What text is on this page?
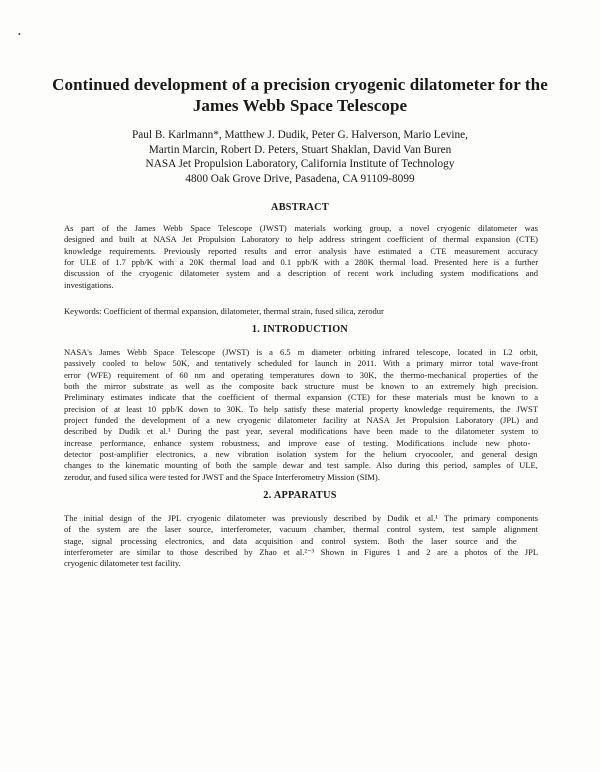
•
Continued development of a precision cryogenic dilatometer for the
James Webb Space Telescope
Paul B. Karlmann*, Matthew J. Dudik, Peter G. Halverson, Mario Levine,
Martin Marcin, Robert D. Peters, Stuart Shaklan, David Van Buren
NASA Jet Propulsion Laboratory, California Institute of Technology
4800 Oak Grove Drive, Pasadena, CA 91109-8099
ABSTRACT

As part of the James Webb Space Telescope (JWST) materials working group, a novel cryogenic dilatometer was
designed and built at NASA Jet Propulsion Laboratory to help address stringent coefficient of thermal expansion (CTE)
knowledge requirements. Previously reported results and error analysis have estimated a CTE measurement accuracy
for ULE of 1.7 ppb/K with a 20K thermal load and 0.1 ppb/K with a 280K thermal load. Presented here is a further
discussion of the cryogenic dilatometer system and a description of recent work including system modifications and
investigations.

Keywords: Coefficient of thermal expansion, dilatometer, thermal strain, fused silica, zerodur
1. INTRODUCTION

NASA's James Webb Space Telescope (JWST) is a 6.5 m diameter orbiting infrared telescope, located in L2 orbit,
passively cooled to below 50K, and tentatively scheduled for launch in 2011. With a primary mirror total wave-front
error (WFE) requirement of 60 nm and operating temperatures down to 30K, the thermo-mechanical properties of the
both the mirror substrate as well as the composite back structure must be known to an extremely high precision.
Preliminary estimates indicate that the coefficient of thermal expansion (CTE) for these materials must be known to a
precision of at least 10 ppb/K down to 30K. To help satisfy these material property knowledge requirements, the JWST
project funded the development of a new cryogenic dilatometer facility at NASA Jet Propulsion Laboratory (JPL) and
described by Dudik et al.¹ During the past year, several modifications have been made to the dilatometer system to
increase performance, enhance system robustness, and improve ease of testing. Modifications include new photo-
detector post-amplifier electronics, a new vibration isolation system for the helium cryocooler, and general design
changes to the kinematic mounting of both the sample dewar and test sample. Also during this period, samples of ULE,
zerodur, and fused silica were tested for JWST and the Space Interferometry Mission (SIM).

2. APPARATUS

The initial design of the JPL cryogenic dilatometer was previously described by Dudik et al.¹ The primary components
of the system are the laser source, interferometer, vacuum chamber, thermal control system, test sample alignment
stage, signal processing electronics, and data acquisition and control system. Both the laser source and the
interferometer are similar to those described by Zhao et al.²⁻³ Shown in Figures 1 and 2 are a photos of the JPL
cryogenic dilatometer test facility.
